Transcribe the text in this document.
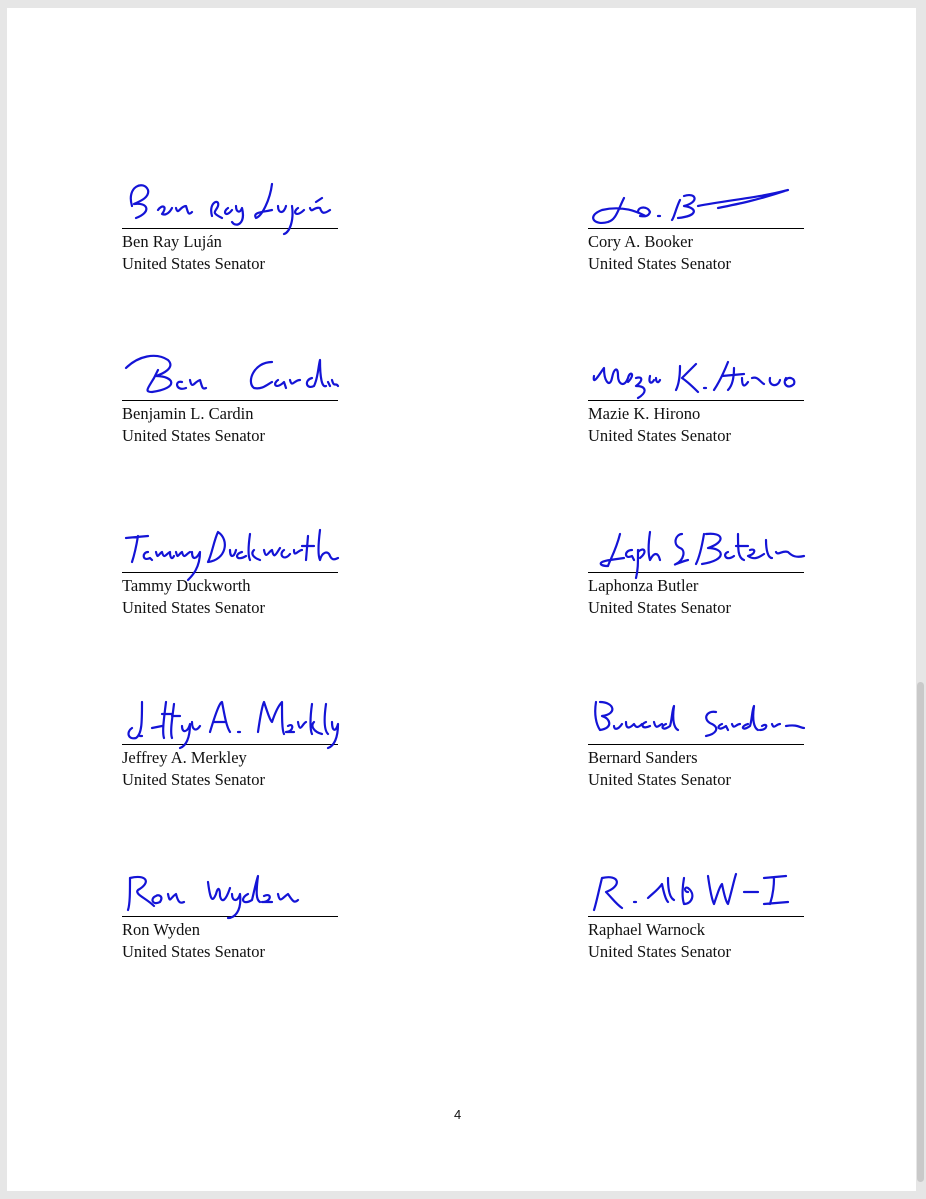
Ben Ray Luján
United States Senator
Cory A. Booker
United States Senator
Benjamin L. Cardin
United States Senator
Mazie K. Hirono
United States Senator
Tammy Duckworth
United States Senator
Laphonza Butler
United States Senator
Jeffrey A. Merkley
United States Senator
Bernard Sanders
United States Senator
Ron Wyden
United States Senator
Raphael Warnock
United States Senator
4
